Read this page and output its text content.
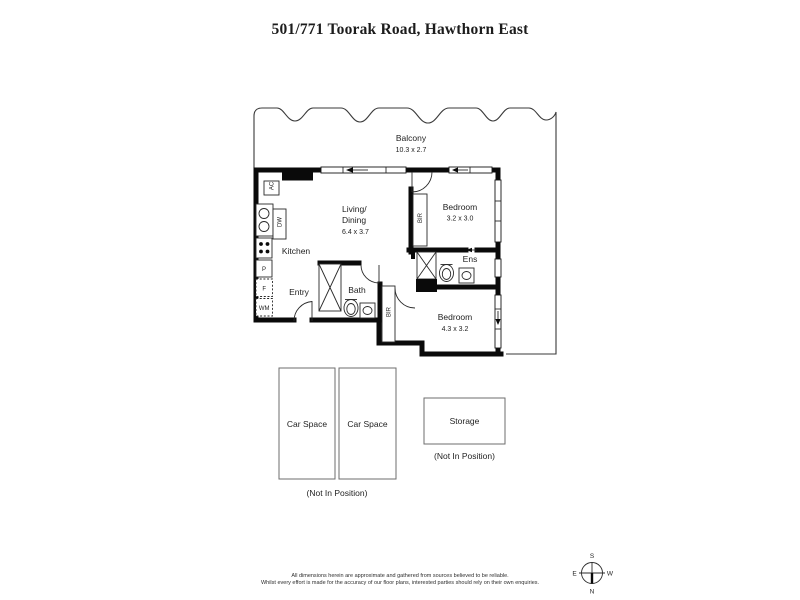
501/771 Toorak Road, Hawthorn East
Balcony
10.3 x 2.7
Living/
Dining
6.4 x 3.7
Kitchen
Entry	Bath
Ens
Bedroom
3.2 x 3.0
Bedroom
4.3 x 3.2
AC
DW
P
F
WM
BIR
BIR
Car Space Car Space
(Not In Position)
Storage
(Not In Position)
S
E	W
N
All dimensions herein are approximate and gathered from sources believed to be reliable.
Whilst every effort is made for the accuracy of our floor plans, interested parties should rely on their own enquiries.
